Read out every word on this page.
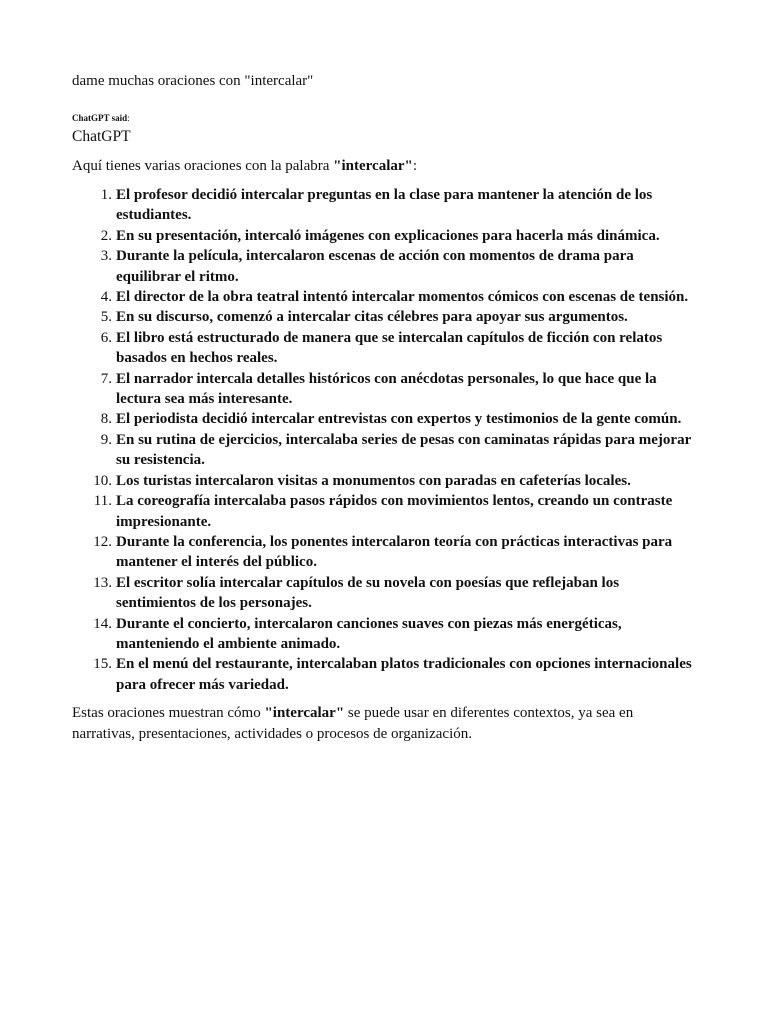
dame muchas oraciones con "intercalar"

ChatGPT said:

ChatGPT

Aquí tienes varias oraciones con la palabra "intercalar":

1. El profesor decidió intercalar preguntas en la clase para mantener la atención de los estudiantes.
2. En su presentación, intercaló imágenes con explicaciones para hacerla más dinámica.
3. Durante la película, intercalaron escenas de acción con momentos de drama para equilibrar el ritmo.
4. El director de la obra teatral intentó intercalar momentos cómicos con escenas de tensión.
5. En su discurso, comenzó a intercalar citas célebres para apoyar sus argumentos.
6. El libro está estructurado de manera que se intercalan capítulos de ficción con relatos basados en hechos reales.
7. El narrador intercala detalles históricos con anécdotas personales, lo que hace que la lectura sea más interesante.
8. El periodista decidió intercalar entrevistas con expertos y testimonios de la gente común.
9. En su rutina de ejercicios, intercalaba series de pesas con caminatas rápidas para mejorar su resistencia.
10. Los turistas intercalaron visitas a monumentos con paradas en cafeterías locales.
11. La coreografía intercalaba pasos rápidos con movimientos lentos, creando un contraste impresionante.
12. Durante la conferencia, los ponentes intercalaron teoría con prácticas interactivas para mantener el interés del público.
13. El escritor solía intercalar capítulos de su novela con poesías que reflejaban los sentimientos de los personajes.
14. Durante el concierto, intercalaron canciones suaves con piezas más energéticas, manteniendo el ambiente animado.
15. En el menú del restaurante, intercalaban platos tradicionales con opciones internacionales para ofrecer más variedad.

Estas oraciones muestran cómo "intercalar" se puede usar en diferentes contextos, ya sea en narrativas, presentaciones, actividades o procesos de organización.
